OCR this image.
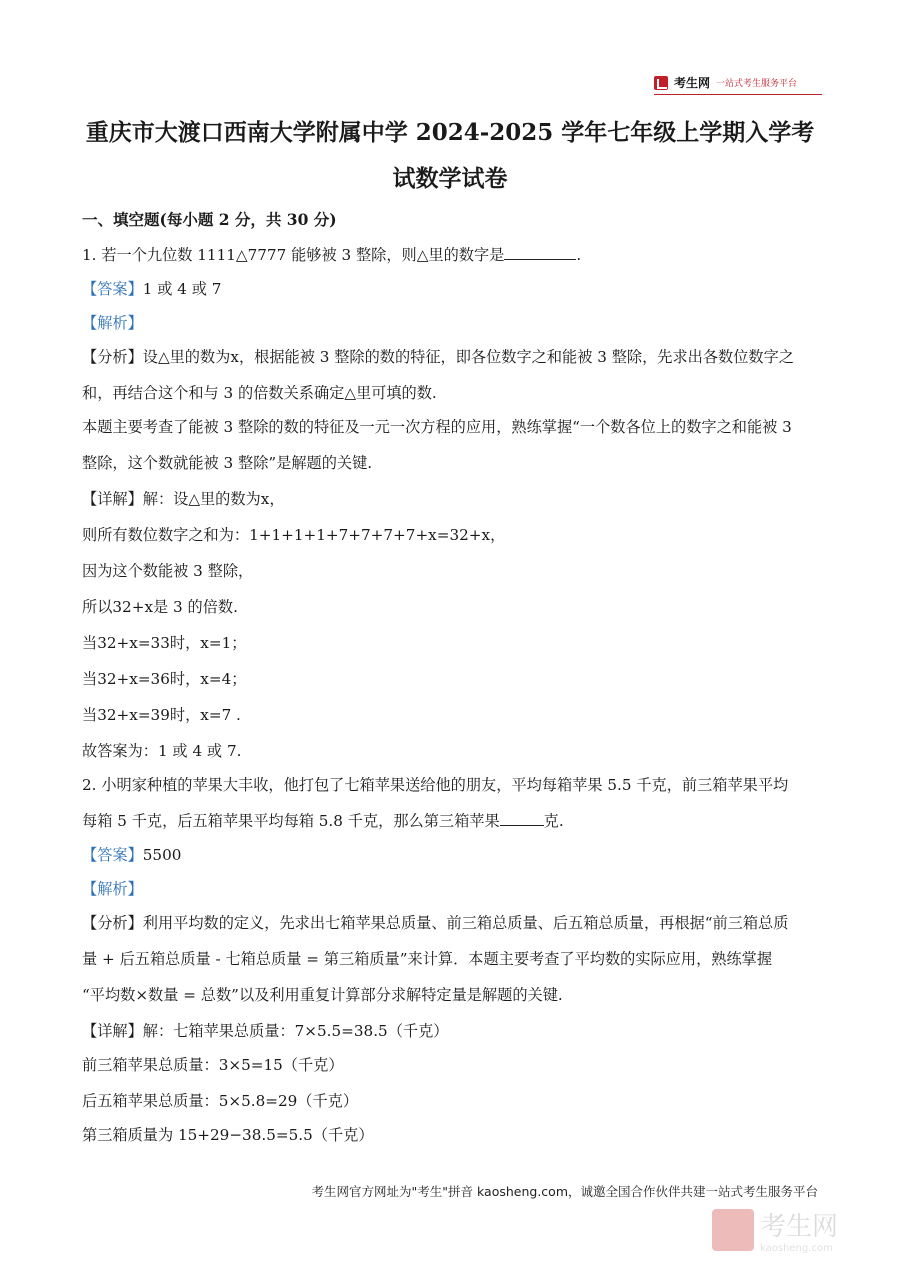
考生网 一站式考生服务平台
重庆市大渡口西南大学附属中学 2024-2025 学年七年级上学期入学考
试数学试卷
一、填空题(每小题 2 分，共 30 分)
1. 若一个九位数 1111△7777 能够被 3 整除，则△里的数字是	.
【答案】1 或 4 或 7
【解析】
【分析】设△里的数为x，根据能被 3 整除的数的特征，即各位数字之和能被 3 整除，先求出各数位数字之
和，再结合这个和与 3 的倍数关系确定△里可填的数.
本题主要考查了能被 3 整除的数的特征及一元一次方程的应用，熟练掌握“一个数各位上的数字之和能被 3
整除，这个数就能被 3 整除”是解题的关键.
【详解】解：设△里的数为x，
则所有数位数字之和为：1+1+1+1+7+7+7+7+x=32+x，
因为这个数能被 3 整除，
所以32+x是 3 的倍数.
当32+x=33时，x=1；
当32+x=36时，x=4；
当32+x=39时，x=7 .
故答案为：1 或 4 或 7.
2. 小明家种植的苹果大丰收，他打包了七箱苹果送给他的朋友，平均每箱苹果 5.5 千克，前三箱苹果平均
每箱 5 千克，后五箱苹果平均每箱 5.8 千克，那么第三箱苹果	克.
【答案】5500
【解析】
【分析】利用平均数的定义，先求出七箱苹果总质量、前三箱总质量、后五箱总质量，再根据“前三箱总质
量 + 后五箱总质量 - 七箱总质量 = 第三箱质量”来计算．本题主要考查了平均数的实际应用，熟练掌握
“平均数×数量 = 总数”以及利用重复计算部分求解特定量是解题的关键.
【详解】解：七箱苹果总质量：7×5.5=38.5（千克）
前三箱苹果总质量：3×5=15（千克）
后五箱苹果总质量：5×5.8=29（千克）
第三箱质量为 15+29−38.5=5.5（千克）
考生网官方网址为"考生"拼音 kaosheng.com，诚邀全国合作伙伴共建一站式考生服务平台
考生网
kaosheng.com
